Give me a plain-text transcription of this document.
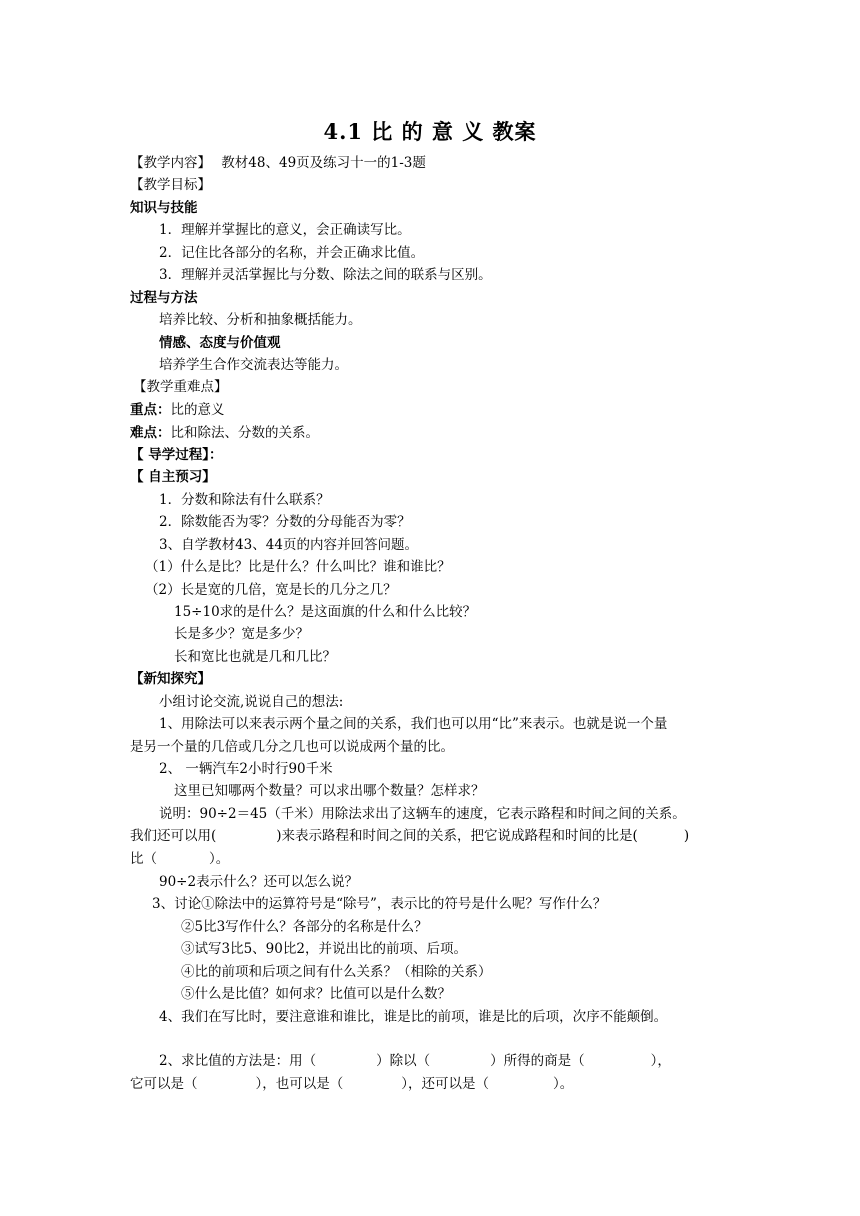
4.1 比 的 意 义 教案
【教学内容】 教材48、49页及练习十一的1-3题
【教学目标】
知识与技能
1．理解并掌握比的意义，会正确读写比。
2．记住比各部分的名称，并会正确求比值。
3．理解并灵活掌握比与分数、除法之间的联系与区别。
过程与方法
培养比较、分析和抽象概括能力。
情感、态度与价值观
培养学生合作交流表达等能力。
【教学重难点】
重点：比的意义
难点：比和除法、分数的关系。
【 导学过程】：
【 自主预习】
1．分数和除法有什么联系？
2．除数能否为零？分数的分母能否为零？
3、自学教材43、44页的内容并回答问题。
（1）什么是比？比是什么？什么叫比？谁和谁比？
（2）长是宽的几倍，宽是长的几分之几？
15÷10求的是什么？是这面旗的什么和什么比较？
长是多少？宽是多少？
长和宽比也就是几和几比？
【新知探究】
小组讨论交流,说说自己的想法:
1、用除法可以来表示两个量之间的关系，我们也可以用“比”来表示。也就是说一个量
是另一个量的几倍或几分之几也可以说成两个量的比。
2、 一辆汽车2小时行90千米
这里已知哪两个数量？可以求出哪个数量？怎样求？
说明：90÷2＝45（千米）用除法求出了这辆车的速度，它表示路程和时间之间的关系。
我们还可以用(	)来表示路程和时间之间的关系，把它说成路程和时间的比是(	)
比（	）。
90÷2表示什么？还可以怎么说？
3、讨论①除法中的运算符号是“除号”，表示比的符号是什么呢？写作什么？
②5比3写作什么？各部分的名称是什么？
③试写3比5、90比2，并说出比的前项、后项。
④比的前项和后项之间有什么关系？（相除的关系）
⑤什么是比值？如何求？比值可以是什么数？
4、我们在写比时，要注意谁和谁比，谁是比的前项，谁是比的后项，次序不能颠倒。
2、求比值的方法是：用（	）除以（	）所得的商是（	），
它可以是（	），也可以是（	），还可以是（	）。
